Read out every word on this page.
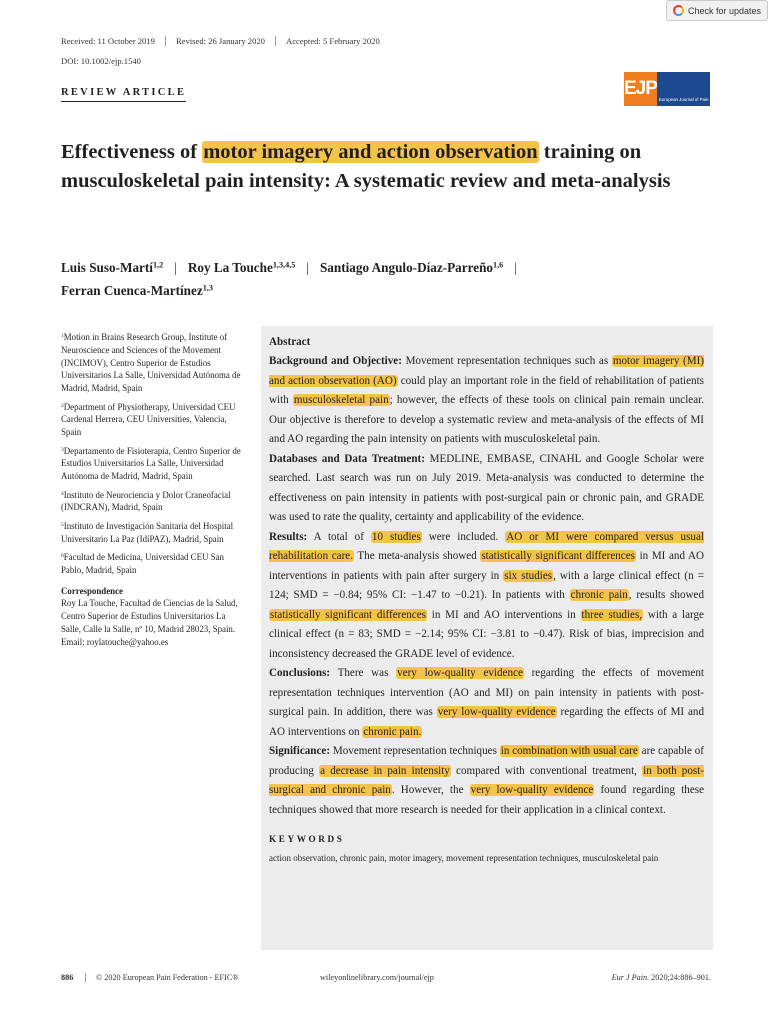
Check for updates
Received: 11 October 2019	Revised: 26 January 2020	Accepted: 5 February 2020
DOI: 10.1002/ejp.1540
REVIEW ARTICLE	EJP
European Journal of Pain
Effectiveness of motor imagery and action observation training on musculoskeletal pain intensity: A systematic review and meta-analysis
Luis Suso-Martí$^{1,2}$ | Roy La Touche$^{1,3,4,5}$ | Santiago Angulo-Díaz-Parreño$^{1,6}$ |
Ferran Cuenca-Martínez$^{1,3}$
$^1$Motion in Brains Research Group, Institute of Neuroscience and Sciences of the Movement (INCIMOV), Centro Superior de Estudios Universitarios La Salle, Universidad Autónoma de Madrid, Madrid, Spain
$^2$Department of Physiotherapy, Universidad CEU Cardenal Herrera, CEU Universities, Valencia, Spain
$^3$Departamento de Fisioterapia, Centro Superior de Estudios Universitarios La Salle, Universidad Autónoma de Madrid, Madrid, Spain
$^4$Instituto de Neurociencia y Dolor Craneofacial (INDCRAN), Madrid, Spain
$^5$Instituto de Investigación Sanitaria del Hospital Universitario La Paz (IdiPAZ), Madrid, Spain
$^6$Facultad de Medicina, Universidad CEU San Pablo, Madrid, Spain
Correspondence
Roy La Touche, Facultad de Ciencias de la Salud, Centro Superior de Estudios Universitarios La Salle, Calle la Salle, nº 10, Madrid 28023, Spain.
Email: roylatouche@yahoo.es
Abstract

Background and Objective: Movement representation techniques such as motor imagery (MI) and action observation (AO) could play an important role in the field of rehabilitation of patients with musculoskeletal pain; however, the effects of these tools on clinical pain remain unclear. Our objective is therefore to develop a systematic review and meta-analysis of the effects of MI and AO regarding the pain intensity on patients with musculoskeletal pain.

Databases and Data Treatment: MEDLINE, EMBASE, CINAHL and Google Scholar were searched. Last search was run on July 2019. Meta-analysis was conducted to determine the effectiveness on pain intensity in patients with post-surgical pain or chronic pain, and GRADE was used to rate the quality, certainty and applicability of the evidence.

Results: A total of 10 studies were included. AO or MI were compared versus usual rehabilitation care. The meta-analysis showed statistically significant differences in MI and AO interventions in patients with pain after surgery in six studies, with a large clinical effect (n = 124; SMD = −0.84; 95% CI: −1.47 to −0.21). In patients with chronic pain, results showed statistically significant differences in MI and AO interventions in three studies, with a large clinical effect (n = 83; SMD = −2.14; 95% CI: −3.81 to −0.47). Risk of bias, imprecision and inconsistency decreased the GRADE level of evidence.

Conclusions: There was very low-quality evidence regarding the effects of movement representation techniques intervention (AO and MI) on pain intensity in patients with post-surgical pain. In addition, there was very low-quality evidence regarding the effects of MI and AO interventions on chronic pain.

Significance: Movement representation techniques in combination with usual care are capable of producing a decrease in pain intensity compared with conventional treatment, in both post-surgical and chronic pain. However, the very low-quality evidence found regarding these techniques showed that more research is needed for their application in a clinical context.

KEYWORDS
action observation, chronic pain, motor imagery, movement representation techniques, musculoskeletal pain
886	© 2020 European Pain Federation - EFIC®	wileyonlinelibrary.com/journal/ejp	Eur J Pain. 2020;24:886–901.
